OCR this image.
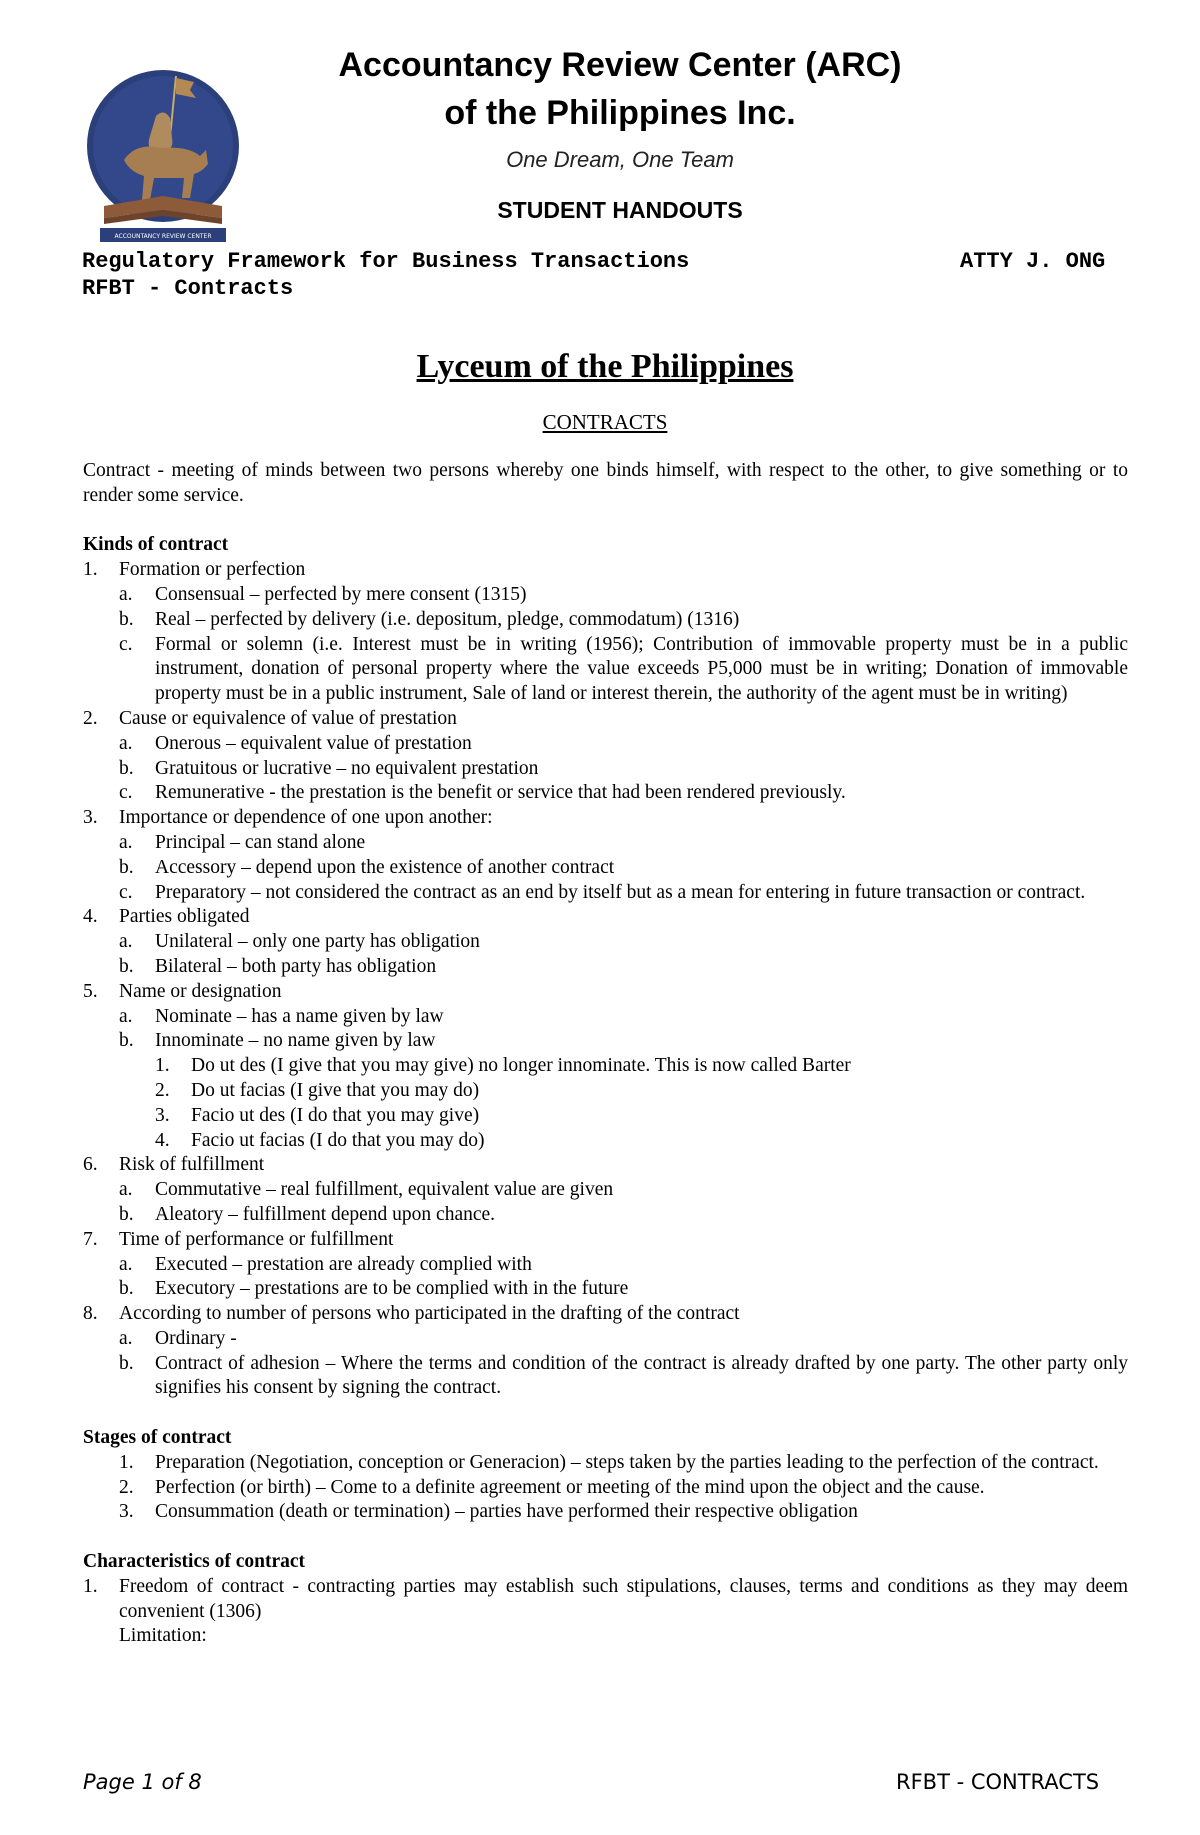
ACCOUNTANCY REVIEW CENTER
Accountancy Review Center (ARC)
of the Philippines Inc.
One Dream, One Team
STUDENT HANDOUTS
Regulatory Framework for Business Transactions	ATTY J. ONG
RFBT - Contracts
Lyceum of the Philippines
CONTRACTS

Contract - meeting of minds between two persons whereby one binds himself, with respect to the other, to give something or to render some service.

Kinds of contract
1.	Formation or perfection
a.	Consensual – perfected by mere consent (1315)
b.	Real – perfected by delivery (i.e. depositum, pledge, commodatum) (1316)
c.	Formal or solemn (i.e. Interest must be in writing (1956); Contribution of immovable property must be in a public instrument, donation of personal property where the value exceeds P5,000 must be in writing; Donation of immovable property must be in a public instrument, Sale of land or interest therein, the authority of the agent must be in writing)
2.	Cause or equivalence of value of prestation
a.	Onerous – equivalent value of prestation
b.	Gratuitous or lucrative – no equivalent prestation
c.	Remunerative - the prestation is the benefit or service that had been rendered previously.
3.	Importance or dependence of one upon another:
a.	Principal – can stand alone
b.	Accessory – depend upon the existence of another contract
c.	Preparatory – not considered the contract as an end by itself but as a mean for entering in future transaction or contract.
4.	Parties obligated
a.	Unilateral – only one party has obligation
b.	Bilateral – both party has obligation
5.	Name or designation
a.	Nominate – has a name given by law
b.	Innominate – no name given by law
1.	Do ut des (I give that you may give) no longer innominate. This is now called Barter
2.	Do ut facias (I give that you may do)
3.	Facio ut des (I do that you may give)
4.	Facio ut facias (I do that you may do)
6.	Risk of fulfillment
a.	Commutative – real fulfillment, equivalent value are given
b.	Aleatory – fulfillment depend upon chance.
7.	Time of performance or fulfillment
a.	Executed – prestation are already complied with
b.	Executory – prestations are to be complied with in the future
8.	According to number of persons who participated in the drafting of the contract
a.	Ordinary -
b.	Contract of adhesion – Where the terms and condition of the contract is already drafted by one party. The other party only signifies his consent by signing the contract.
Stages of contract
1.	Preparation (Negotiation, conception or Generacion) – steps taken by the parties leading to the perfection of the contract.
2.	Perfection (or birth) – Come to a definite agreement or meeting of the mind upon the object and the cause.
3.	Consummation (death or termination) – parties have performed their respective obligation
Characteristics of contract
1.	Freedom of contract - contracting parties may establish such stipulations, clauses, terms and conditions as they may deem convenient (1306)
Limitation:
Page 1 of 8	RFBT - CONTRACTS
